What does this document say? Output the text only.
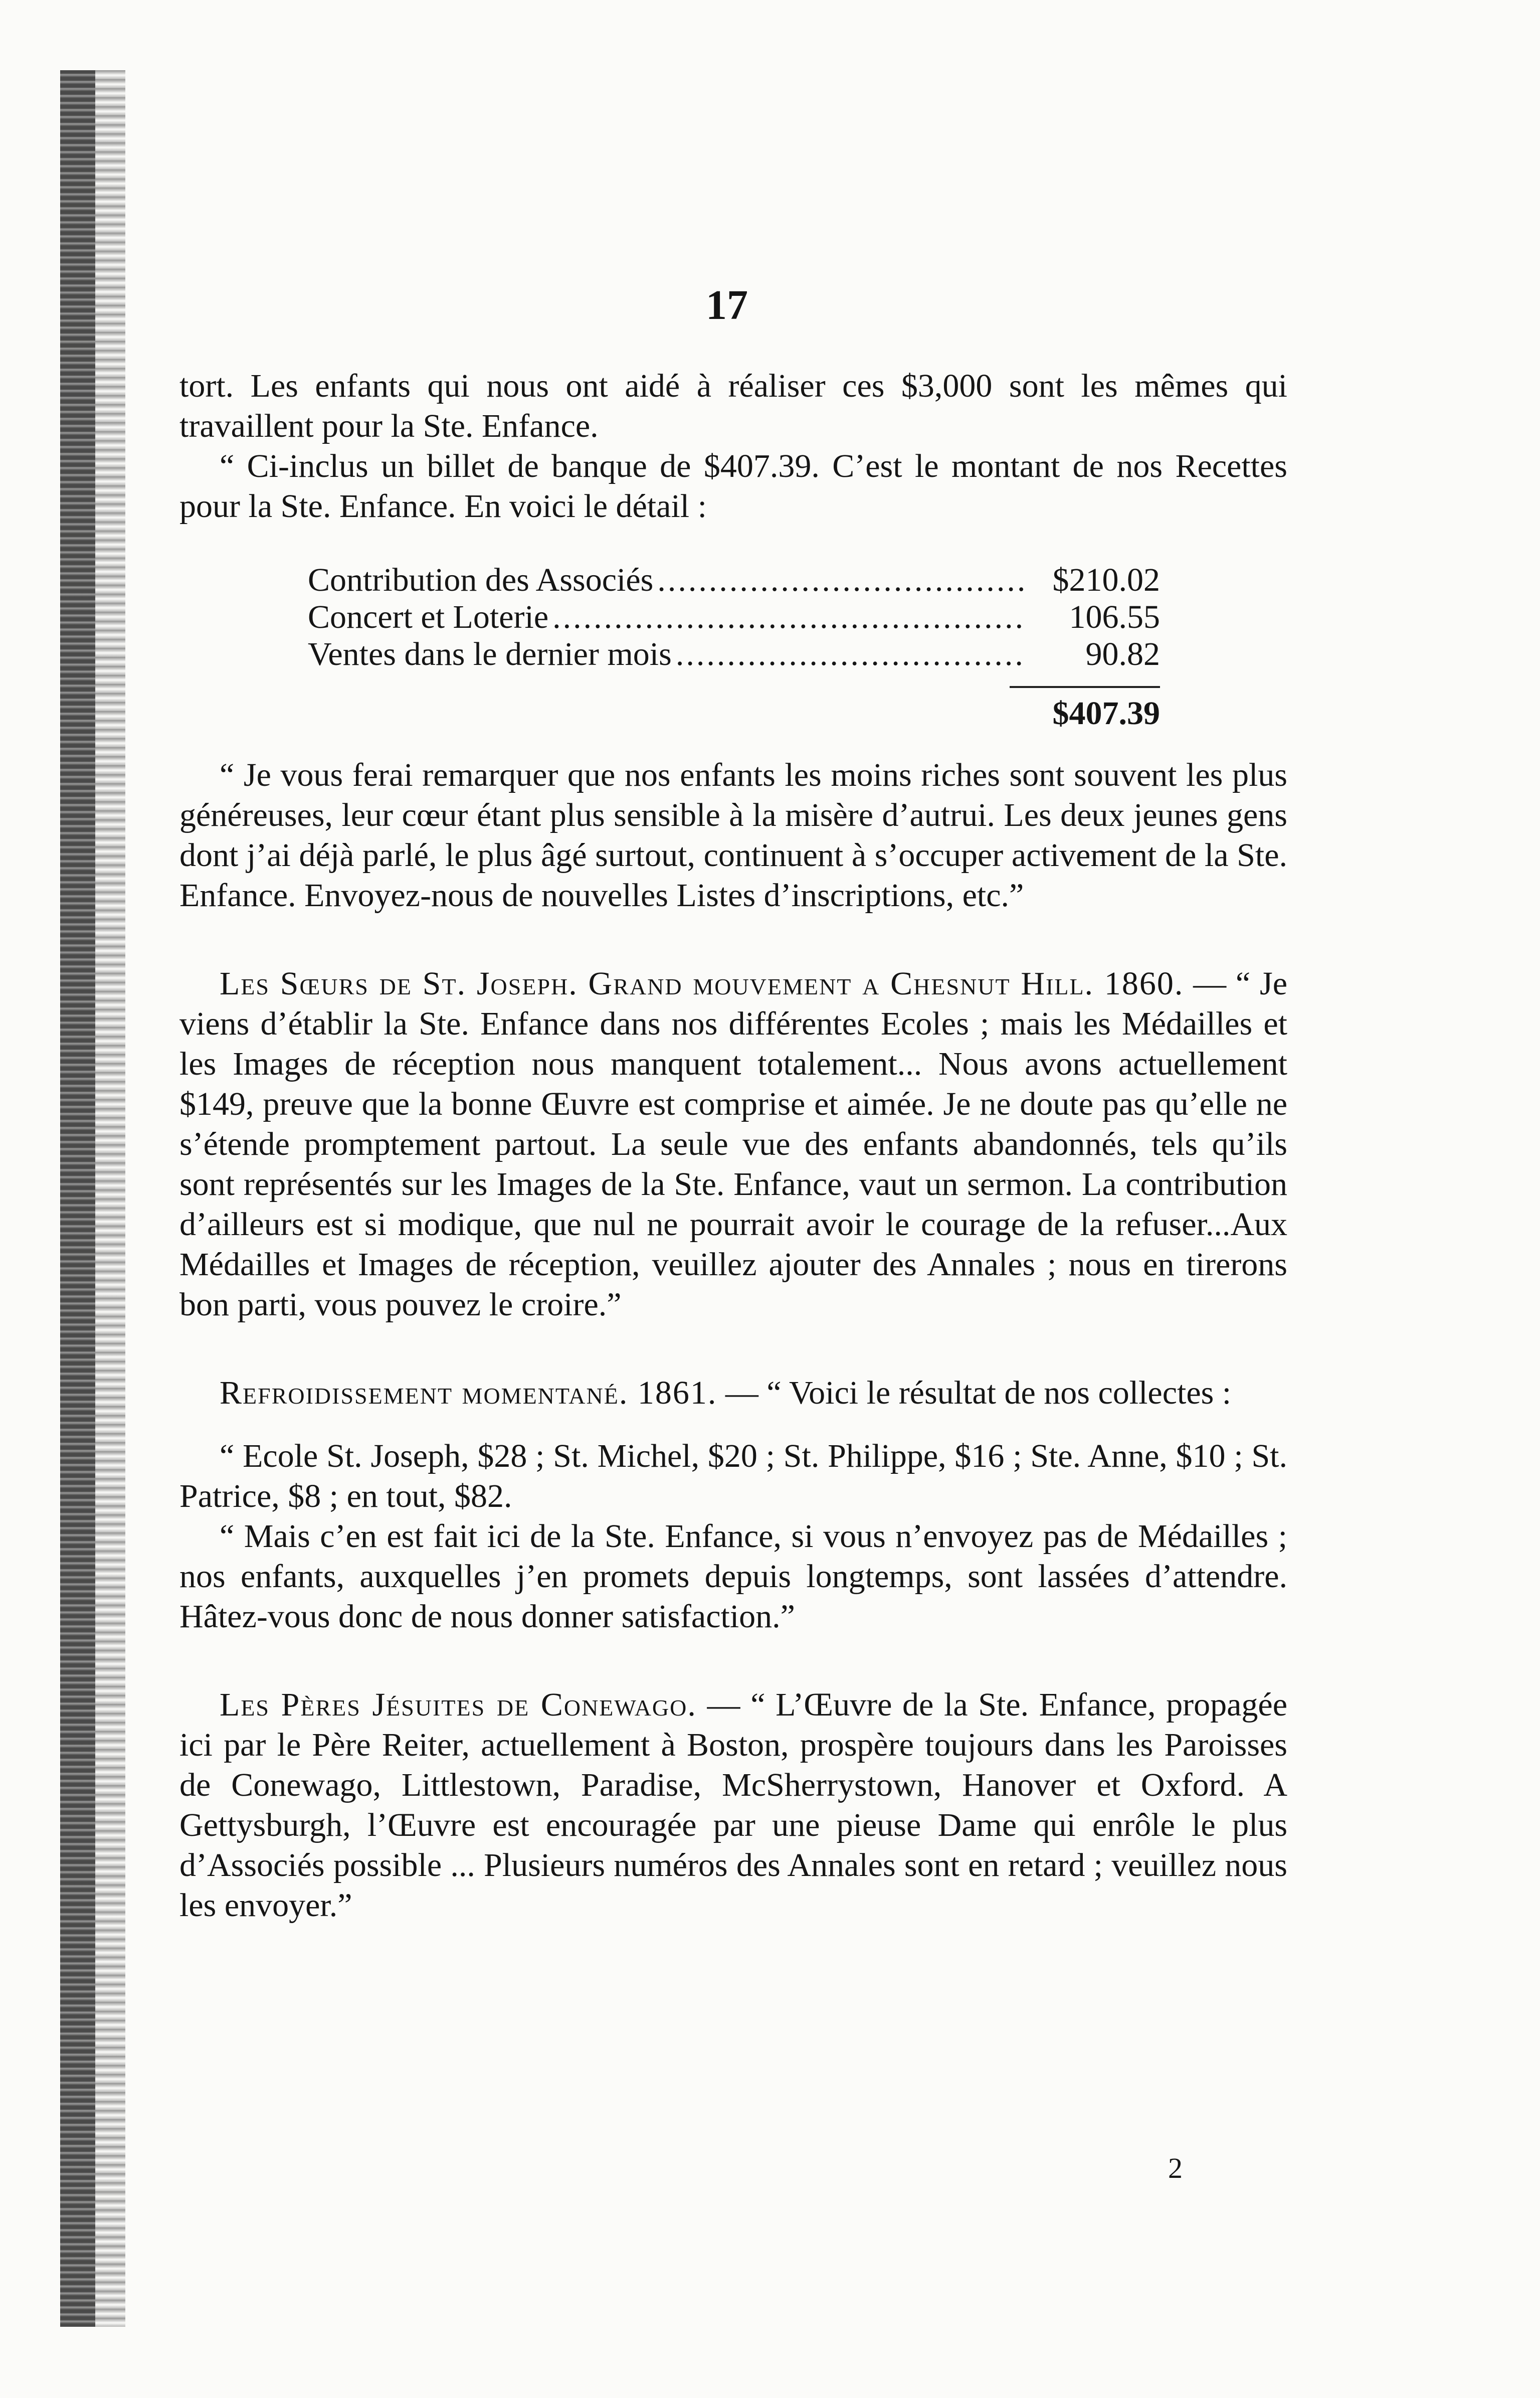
17

tort. Les enfants qui nous ont aidé à réaliser ces $3,000 sont les mêmes qui travaillent pour la Ste. Enfance.

“ Ci-inclus un billet de banque de $407.39. C’est le montant de nos Recettes pour la Ste. Enfance. En voici le détail :

Contribution des Associés .....	$210.02
Concert et Loterie .....	106.55
Ventes dans le dernier mois .....	90.82
$407.39

“ Je vous ferai remarquer que nos enfants les moins riches sont souvent les plus généreuses, leur cœur étant plus sensible à la misère d’autrui. Les deux jeunes gens dont j’ai déjà parlé, le plus âgé surtout, continuent à s’occuper activement de la Ste. Enfance. Envoyez-nous de nouvelles Listes d’inscriptions, etc.”

Les Sœurs de St. Joseph. Grand mouvement a Chesnut Hill. 1860. — “ Je viens d’établir la Ste. Enfance dans nos différentes Ecoles ; mais les Médailles et les Images de réception nous manquent totalement... Nous avons actuellement $149, preuve que la bonne Œuvre est comprise et aimée. Je ne doute pas qu’elle ne s’étende promptement partout. La seule vue des enfants abandonnés, tels qu’ils sont représentés sur les Images de la Ste. Enfance, vaut un sermon. La contribution d’ailleurs est si modique, que nul ne pourrait avoir le courage de la refuser...Aux Médailles et Images de réception, veuillez ajouter des Annales ; nous en tirerons bon parti, vous pouvez le croire.”

Refroidissement momentané. 1861. — “ Voici le résultat de nos collectes :

“ Ecole St. Joseph, $28 ; St. Michel, $20 ; St. Philippe, $16 ; Ste. Anne, $10 ; St. Patrice, $8 ; en tout, $82.

“ Mais c’en est fait ici de la Ste. Enfance, si vous n’envoyez pas de Médailles ; nos enfants, auxquelles j’en promets depuis longtemps, sont lassées d’attendre. Hâtez-vous donc de nous donner satisfaction.”

Les Pères Jésuites de Conewago. — “ L’Œuvre de la Ste. Enfance, propagée ici par le Père Reiter, actuellement à Boston, prospère toujours dans les Paroisses de Conewago, Littlestown, Paradise, McSherrystown, Hanover et Oxford. A Gettysburgh, l’Œuvre est encouragée par une pieuse Dame qui enrôle le plus d’Associés possible ... Plusieurs numéros des Annales sont en retard ; veuillez nous les envoyer.”

2
